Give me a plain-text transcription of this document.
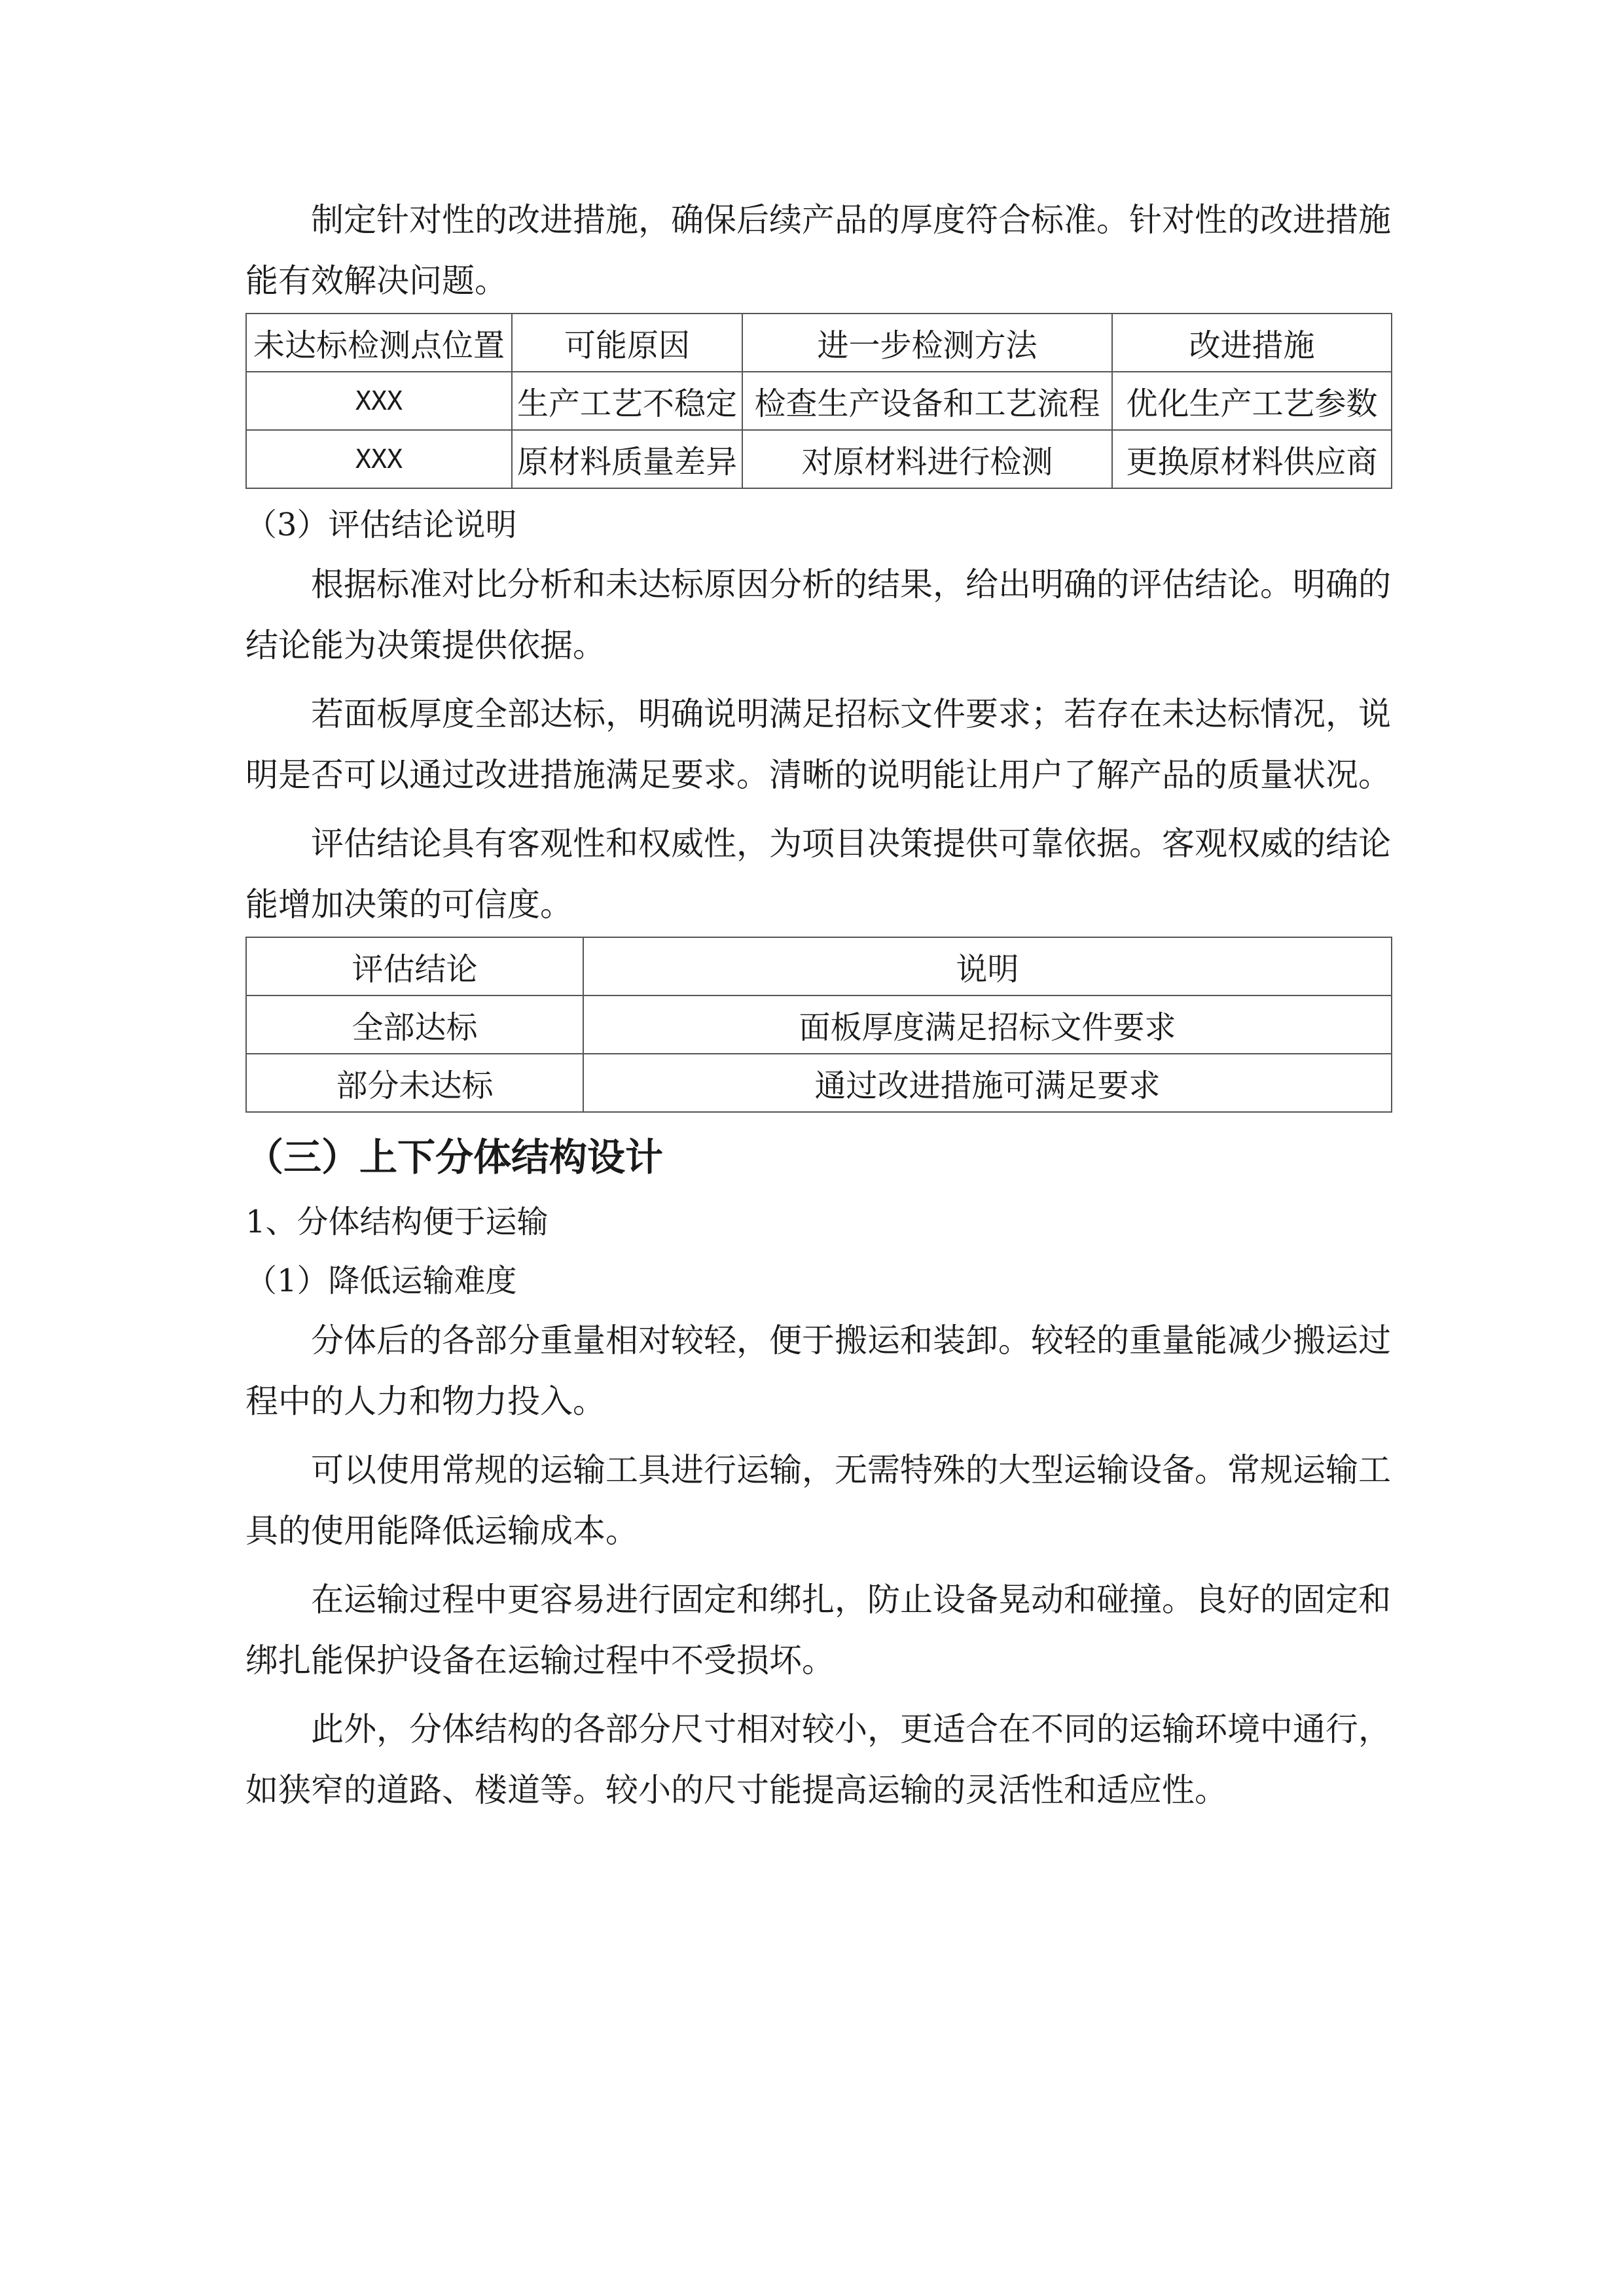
制定针对性的改进措施，确保后续产品的厚度符合标准。针对性的改进措施能有效解决问题。

未达标检测点位置	可能原因	进一步检测方法	改进措施
XXX	生产工艺不稳定	检查生产设备和工艺流程	优化生产工艺参数
XXX	原材料质量差异	对原材料进行检测	更换原材料供应商

（3）评估结论说明

根据标准对比分析和未达标原因分析的结果，给出明确的评估结论。明确的结论能为决策提供依据。

若面板厚度全部达标，明确说明满足招标文件要求；若存在未达标情况，说明是否可以通过改进措施满足要求。清晰的说明能让用户了解产品的质量状况。

评估结论具有客观性和权威性，为项目决策提供可靠依据。客观权威的结论能增加决策的可信度。

评估结论	说明
全部达标	面板厚度满足招标文件要求
部分未达标	通过改进措施可满足要求
（三）上下分体结构设计

1、分体结构便于运输

（1）降低运输难度

分体后的各部分重量相对较轻，便于搬运和装卸。较轻的重量能减少搬运过程中的人力和物力投入。

可以使用常规的运输工具进行运输，无需特殊的大型运输设备。常规运输工具的使用能降低运输成本。

在运输过程中更容易进行固定和绑扎，防止设备晃动和碰撞。良好的固定和绑扎能保护设备在运输过程中不受损坏。

此外，分体结构的各部分尺寸相对较小，更适合在不同的运输环境中通行，如狭窄的道路、楼道等。较小的尺寸能提高运输的灵活性和适应性。
